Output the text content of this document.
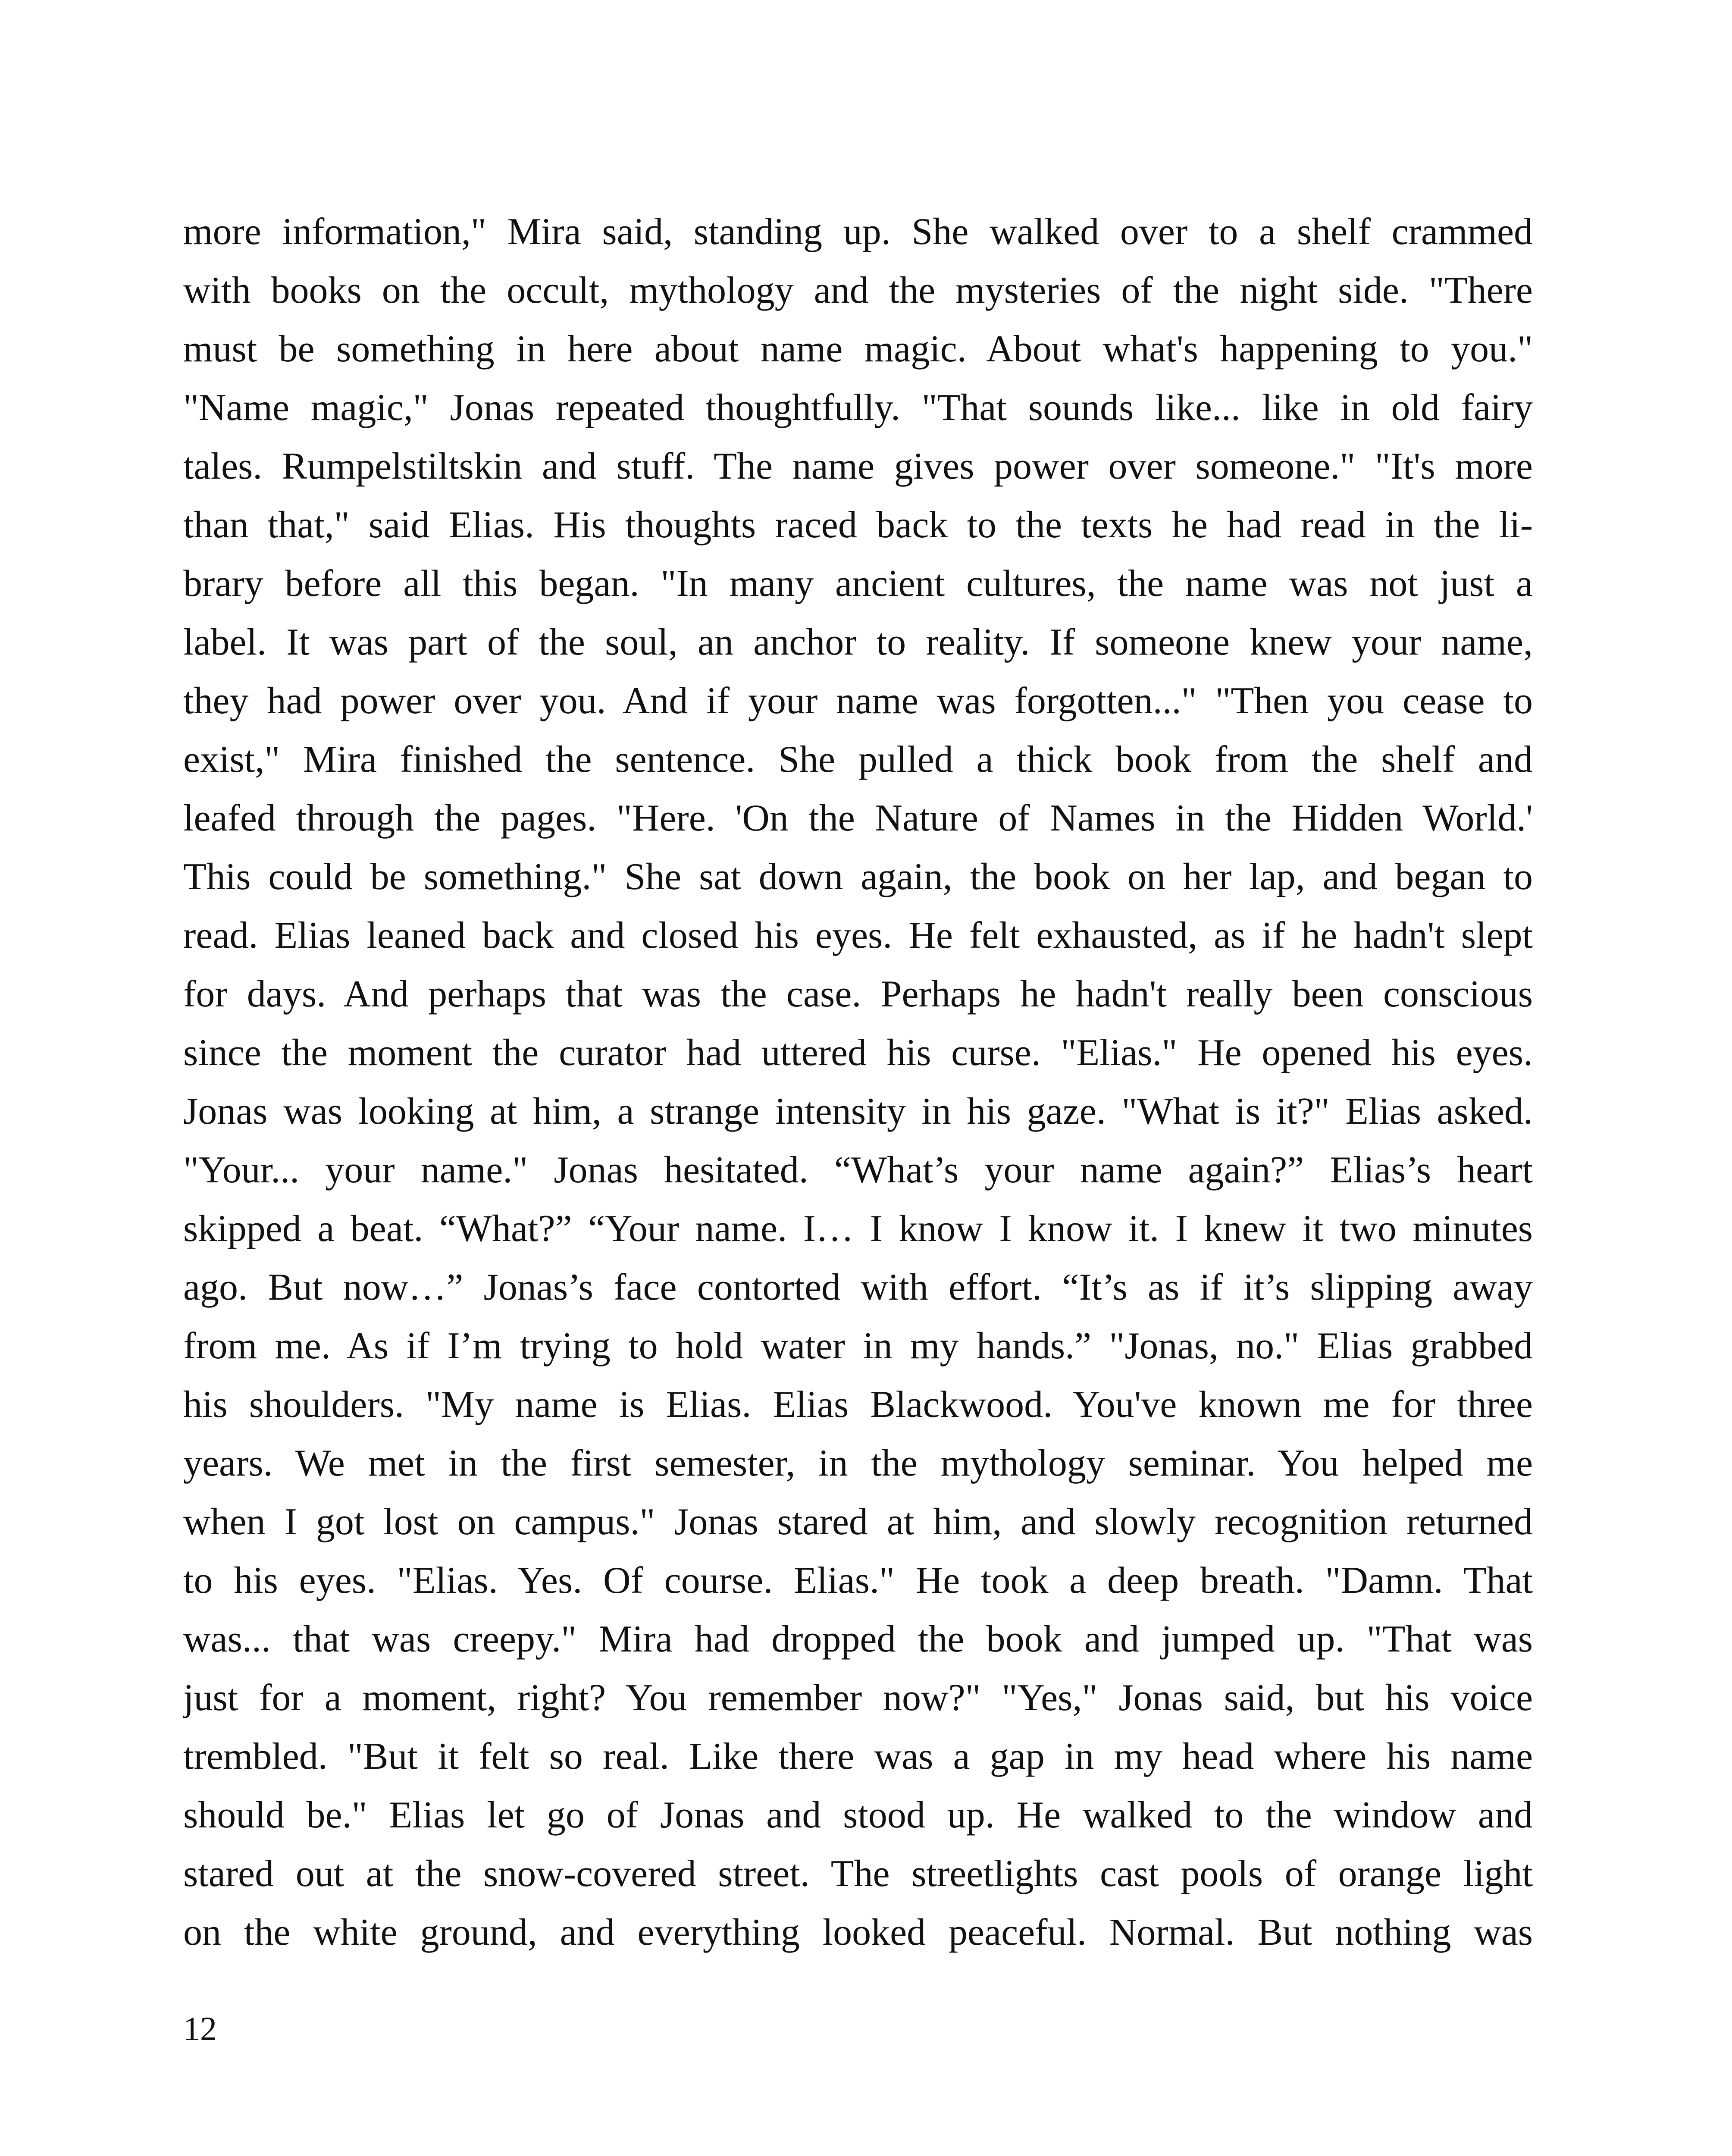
more information," Mira said, standing up. She walked over to a shelf crammed
with books on the occult, mythology and the mysteries of the night side. "There
must be something in here about name magic. About what's happening to you."
"Name magic," Jonas repeated thoughtfully. "That sounds like... like in old fairy
tales. Rumpelstiltskin and stuff. The name gives power over someone." "It's more
than that," said Elias. His thoughts raced back to the texts he had read in the li-
brary before all this began. "In many ancient cultures, the name was not just a
label. It was part of the soul, an anchor to reality. If someone knew your name,
they had power over you. And if your name was forgotten..." "Then you cease to
exist," Mira finished the sentence. She pulled a thick book from the shelf and
leafed through the pages. "Here. 'On the Nature of Names in the Hidden World.'
This could be something." She sat down again, the book on her lap, and began to
read. Elias leaned back and closed his eyes. He felt exhausted, as if he hadn't slept
for days. And perhaps that was the case. Perhaps he hadn't really been conscious
since the moment the curator had uttered his curse. "Elias." He opened his eyes.
Jonas was looking at him, a strange intensity in his gaze. "What is it?" Elias asked.
"Your... your name." Jonas hesitated. “What’s your name again?” Elias’s heart
skipped a beat. “What?” “Your name. I… I know I know it. I knew it two minutes
ago. But now…” Jonas’s face contorted with effort. “It’s as if it’s slipping away
from me. As if I’m trying to hold water in my hands.” "Jonas, no." Elias grabbed
his shoulders. "My name is Elias. Elias Blackwood. You've known me for three
years. We met in the first semester, in the mythology seminar. You helped me
when I got lost on campus." Jonas stared at him, and slowly recognition returned
to his eyes. "Elias. Yes. Of course. Elias." He took a deep breath. "Damn. That
was... that was creepy." Mira had dropped the book and jumped up. "That was
just for a moment, right? You remember now?" "Yes," Jonas said, but his voice
trembled. "But it felt so real. Like there was a gap in my head where his name
should be." Elias let go of Jonas and stood up. He walked to the window and
stared out at the snow-covered street. The streetlights cast pools of orange light
on the white ground, and everything looked peaceful. Normal. But nothing was
12
